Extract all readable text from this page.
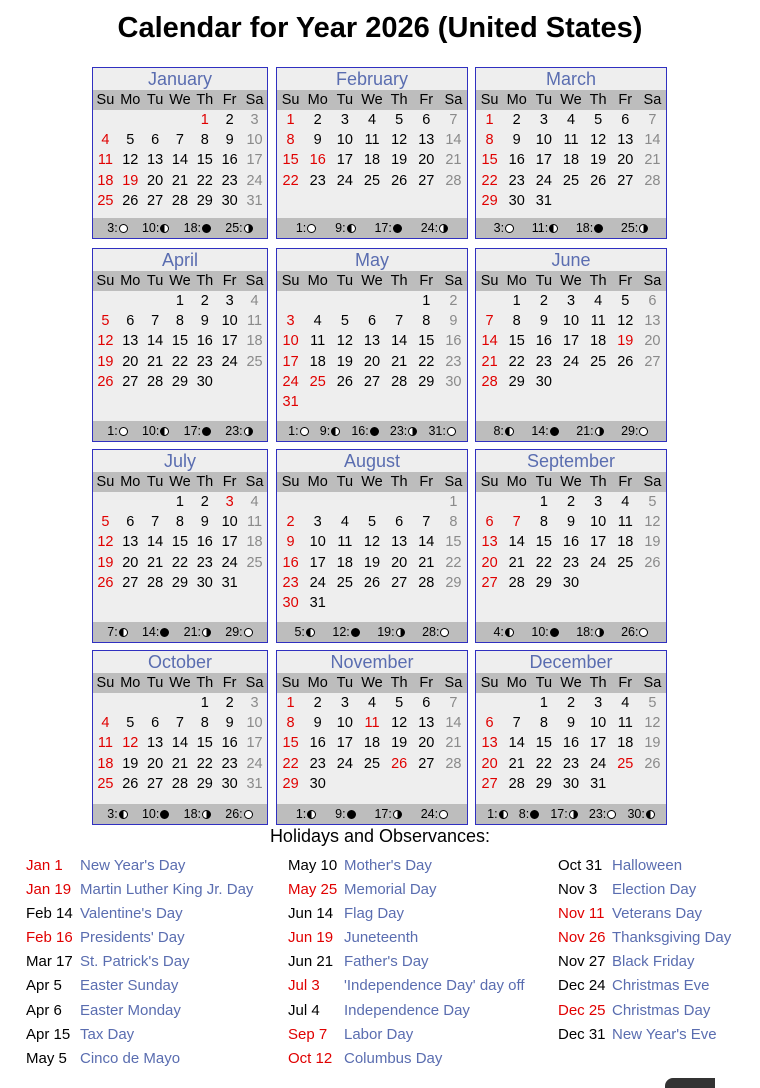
Calendar for Year 2026 (United States)
January
Su	Mo	Tu	We	Th	Fr	Sa
				1	2	3
4	5	6	7	8	9	10
11	12	13	14	15	16	17
18	19	20	21	22	23	24
25	26	27	28	29	30	31
3: 10: 18: 25:
February
Su	Mo	Tu	We	Th	Fr	Sa
1	2	3	4	5	6	7
8	9	10	11	12	13	14
15	16	17	18	19	20	21
22	23	24	25	26	27	28
1: 9: 17: 24:
March
Su	Mo	Tu	We	Th	Fr	Sa
1	2	3	4	5	6	7
8	9	10	11	12	13	14
15	16	17	18	19	20	21
22	23	24	25	26	27	28
29	30	31				
3: 11: 18: 25:
April
Su	Mo	Tu	We	Th	Fr	Sa
			1	2	3	4
5	6	7	8	9	10	11
12	13	14	15	16	17	18
19	20	21	22	23	24	25
26	27	28	29	30		
1: 10: 17: 23:
May
Su	Mo	Tu	We	Th	Fr	Sa
					1	2
3	4	5	6	7	8	9
10	11	12	13	14	15	16
17	18	19	20	21	22	23
24	25	26	27	28	29	30
31						
1: 9: 16: 23: 31:
June
Su	Mo	Tu	We	Th	Fr	Sa
	1	2	3	4	5	6
7	8	9	10	11	12	13
14	15	16	17	18	19	20
21	22	23	24	25	26	27
28	29	30				
8: 14: 21: 29:
July
Su	Mo	Tu	We	Th	Fr	Sa
			1	2	3	4
5	6	7	8	9	10	11
12	13	14	15	16	17	18
19	20	21	22	23	24	25
26	27	28	29	30	31	
7: 14: 21: 29:
August
Su	Mo	Tu	We	Th	Fr	Sa
						1
2	3	4	5	6	7	8
9	10	11	12	13	14	15
16	17	18	19	20	21	22
23	24	25	26	27	28	29
30	31					
5: 12: 19: 28:
September
Su	Mo	Tu	We	Th	Fr	Sa
		1	2	3	4	5
6	7	8	9	10	11	12
13	14	15	16	17	18	19
20	21	22	23	24	25	26
27	28	29	30			
4: 10: 18: 26:
October
Su	Mo	Tu	We	Th	Fr	Sa
				1	2	3
4	5	6	7	8	9	10
11	12	13	14	15	16	17
18	19	20	21	22	23	24
25	26	27	28	29	30	31
3: 10: 18: 26:
November
Su	Mo	Tu	We	Th	Fr	Sa
1	2	3	4	5	6	7
8	9	10	11	12	13	14
15	16	17	18	19	20	21
22	23	24	25	26	27	28
29	30					
1: 9: 17: 24:
December
Su	Mo	Tu	We	Th	Fr	Sa
		1	2	3	4	5
6	7	8	9	10	11	12
13	14	15	16	17	18	19
20	21	22	23	24	25	26
27	28	29	30	31		
1: 8: 17: 23: 30:
Holidays and Observances:
Jan 1 New Year's Day
Jan 19 Martin Luther King Jr. Day
Feb 14 Valentine's Day
Feb 16 Presidents' Day
Mar 17 St. Patrick's Day
Apr 5 Easter Sunday
Apr 6 Easter Monday
Apr 15 Tax Day
May 5 Cinco de Mayo
May 10 Mother's Day
May 25 Memorial Day
Jun 14 Flag Day
Jun 19 Juneteenth
Jun 21 Father's Day
Jul 3 'Independence Day' day off
Jul 4 Independence Day
Sep 7 Labor Day
Oct 12 Columbus Day
Oct 31 Halloween
Nov 3 Election Day
Nov 11 Veterans Day
Nov 26 Thanksgiving Day
Nov 27 Black Friday
Dec 24 Christmas Eve
Dec 25 Christmas Day
Dec 31 New Year's Eve
